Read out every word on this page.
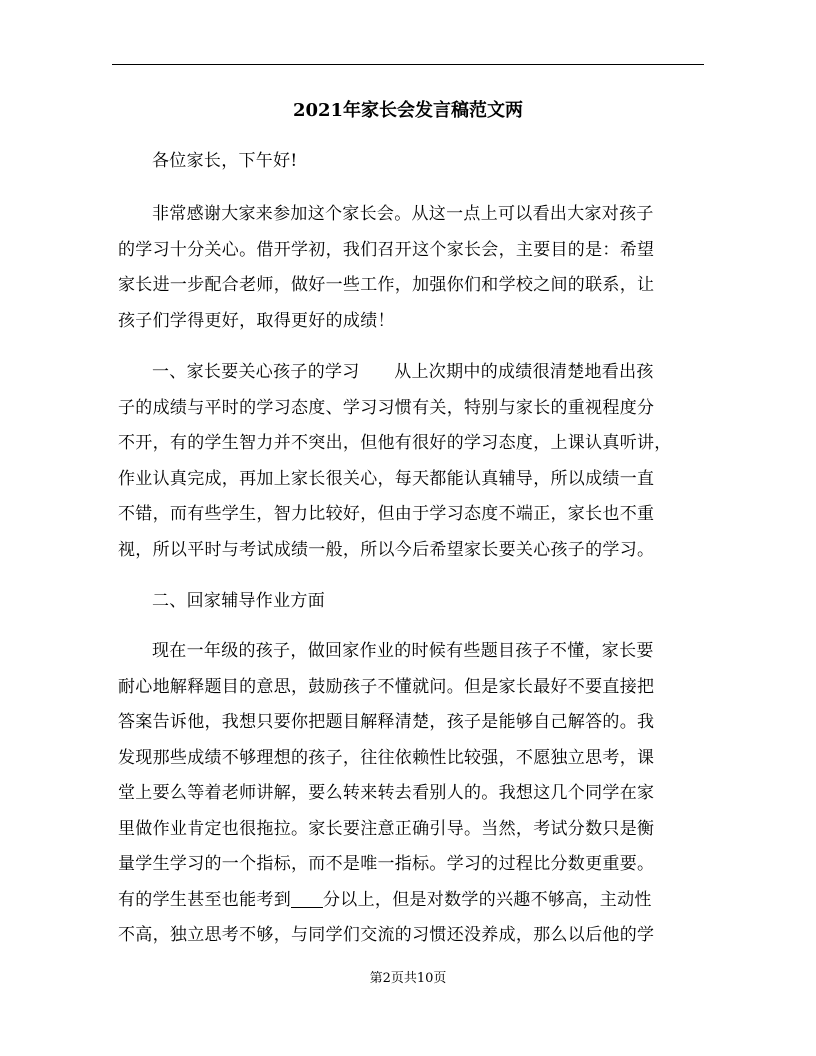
2021年家长会发言稿范文两
各位家长，下午好!
非常感谢大家来参加这个家长会。从这一点上可以看出大家对孩子
的学习十分关心。借开学初，我们召开这个家长会，主要目的是：希望
家长进一步配合老师，做好一些工作，加强你们和学校之间的联系，让
孩子们学得更好，取得更好的成绩！
一、家长要关心孩子的学习　　从上次期中的成绩很清楚地看出孩
子的成绩与平时的学习态度、学习习惯有关，特别与家长的重视程度分
不开，有的学生智力并不突出，但他有很好的学习态度，上课认真听讲，
作业认真完成，再加上家长很关心，每天都能认真辅导，所以成绩一直
不错，而有些学生，智力比较好，但由于学习态度不端正，家长也不重
视，所以平时与考试成绩一般，所以今后希望家长要关心孩子的学习。
二、回家辅导作业方面
现在一年级的孩子，做回家作业的时候有些题目孩子不懂，家长要
耐心地解释题目的意思，鼓励孩子不懂就问。但是家长最好不要直接把
答案告诉他，我想只要你把题目解释清楚，孩子是能够自己解答的。我
发现那些成绩不够理想的孩子，往往依赖性比较强，不愿独立思考，课
堂上要么等着老师讲解，要么转来转去看别人的。我想这几个同学在家
里做作业肯定也很拖拉。家长要注意正确引导。当然，考试分数只是衡
量学生学习的一个指标，而不是唯一指标。学习的过程比分数更重要。
有的学生甚至也能考到 分以上，但是对数学的兴趣不够高，主动性
不高，独立思考不够，与同学们交流的习惯还没养成，那么以后他的学
第2页共10页
